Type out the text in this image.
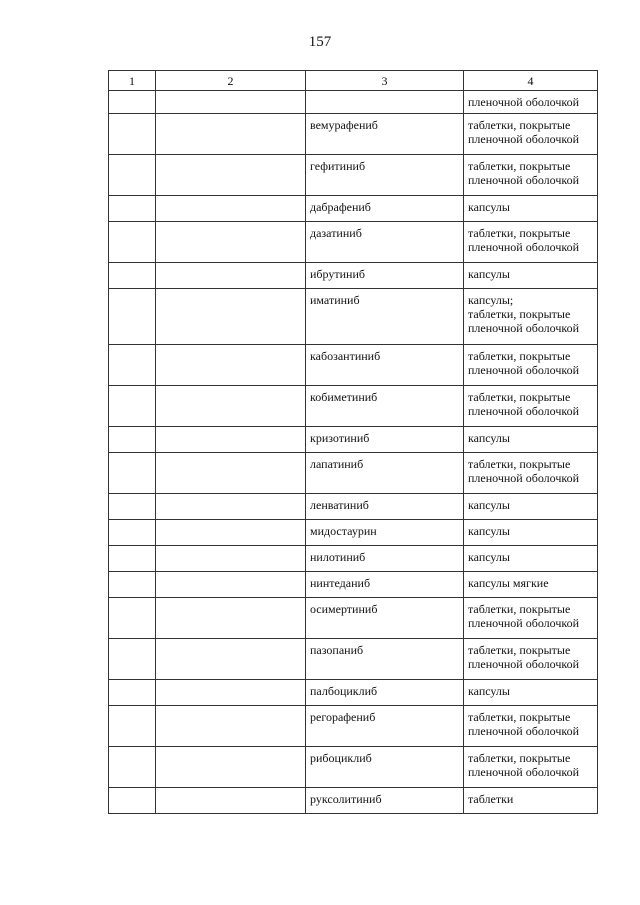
157
1	2	3	4
			пленочной оболочкой
		вемурафениб	таблетки, покрытые
пленочной оболочкой
		гефитиниб	таблетки, покрытые
пленочной оболочкой
		дабрафениб	капсулы
		дазатиниб	таблетки, покрытые
пленочной оболочкой
		ибрутиниб	капсулы
		иматиниб	капсулы;
таблетки, покрытые
пленочной оболочкой
		кабозантиниб	таблетки, покрытые
пленочной оболочкой
		кобиметиниб	таблетки, покрытые
пленочной оболочкой
		кризотиниб	капсулы
		лапатиниб	таблетки, покрытые
пленочной оболочкой
		ленватиниб	капсулы
		мидостаурин	капсулы
		нилотиниб	капсулы
		нинтеданиб	капсулы мягкие
		осимертиниб	таблетки, покрытые
пленочной оболочкой
		пазопаниб	таблетки, покрытые
пленочной оболочкой
		палбоциклиб	капсулы
		регорафениб	таблетки, покрытые
пленочной оболочкой
		рибоциклиб	таблетки, покрытые
пленочной оболочкой
		руксолитиниб	таблетки
